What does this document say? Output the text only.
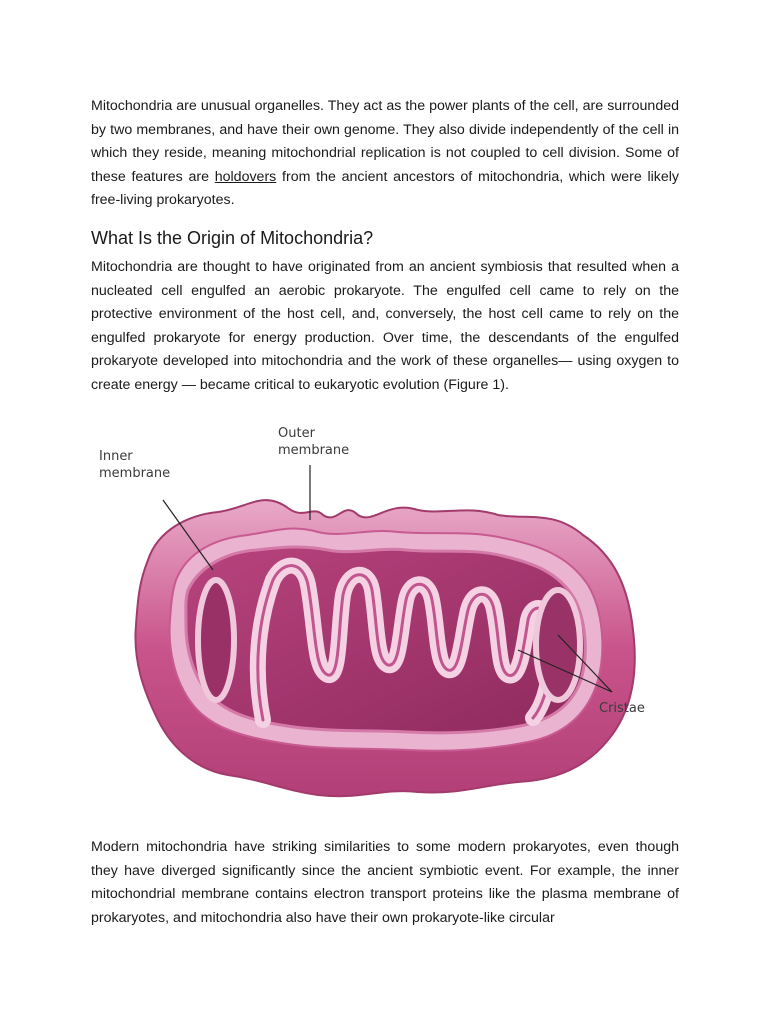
Mitochondria are unusual organelles. They act as the power plants of the cell, are surrounded by two membranes, and have their own genome. They also divide independently of the cell in which they reside, meaning mitochondrial replication is not coupled to cell division. Some of these features are holdovers from the ancient ancestors of mitochondria, which were likely free-living prokaryotes.

What Is the Origin of Mitochondria?

Mitochondria are thought to have originated from an ancient symbiosis that resulted when a nucleated cell engulfed an aerobic prokaryote. The engulfed cell came to rely on the protective environment of the host cell, and, conversely, the host cell came to rely on the engulfed prokaryote for energy production. Over time, the descendants of the engulfed prokaryote developed into mitochondria and the work of these organelles— using oxygen to create energy — became critical to eukaryotic evolution (Figure 1).

Inner
membrane
Outer
membrane
Cristae

Modern mitochondria have striking similarities to some modern prokaryotes, even though they have diverged significantly since the ancient symbiotic event. For example, the inner mitochondrial membrane contains electron transport proteins like the plasma membrane of prokaryotes, and mitochondria also have their own prokaryote-like circular
